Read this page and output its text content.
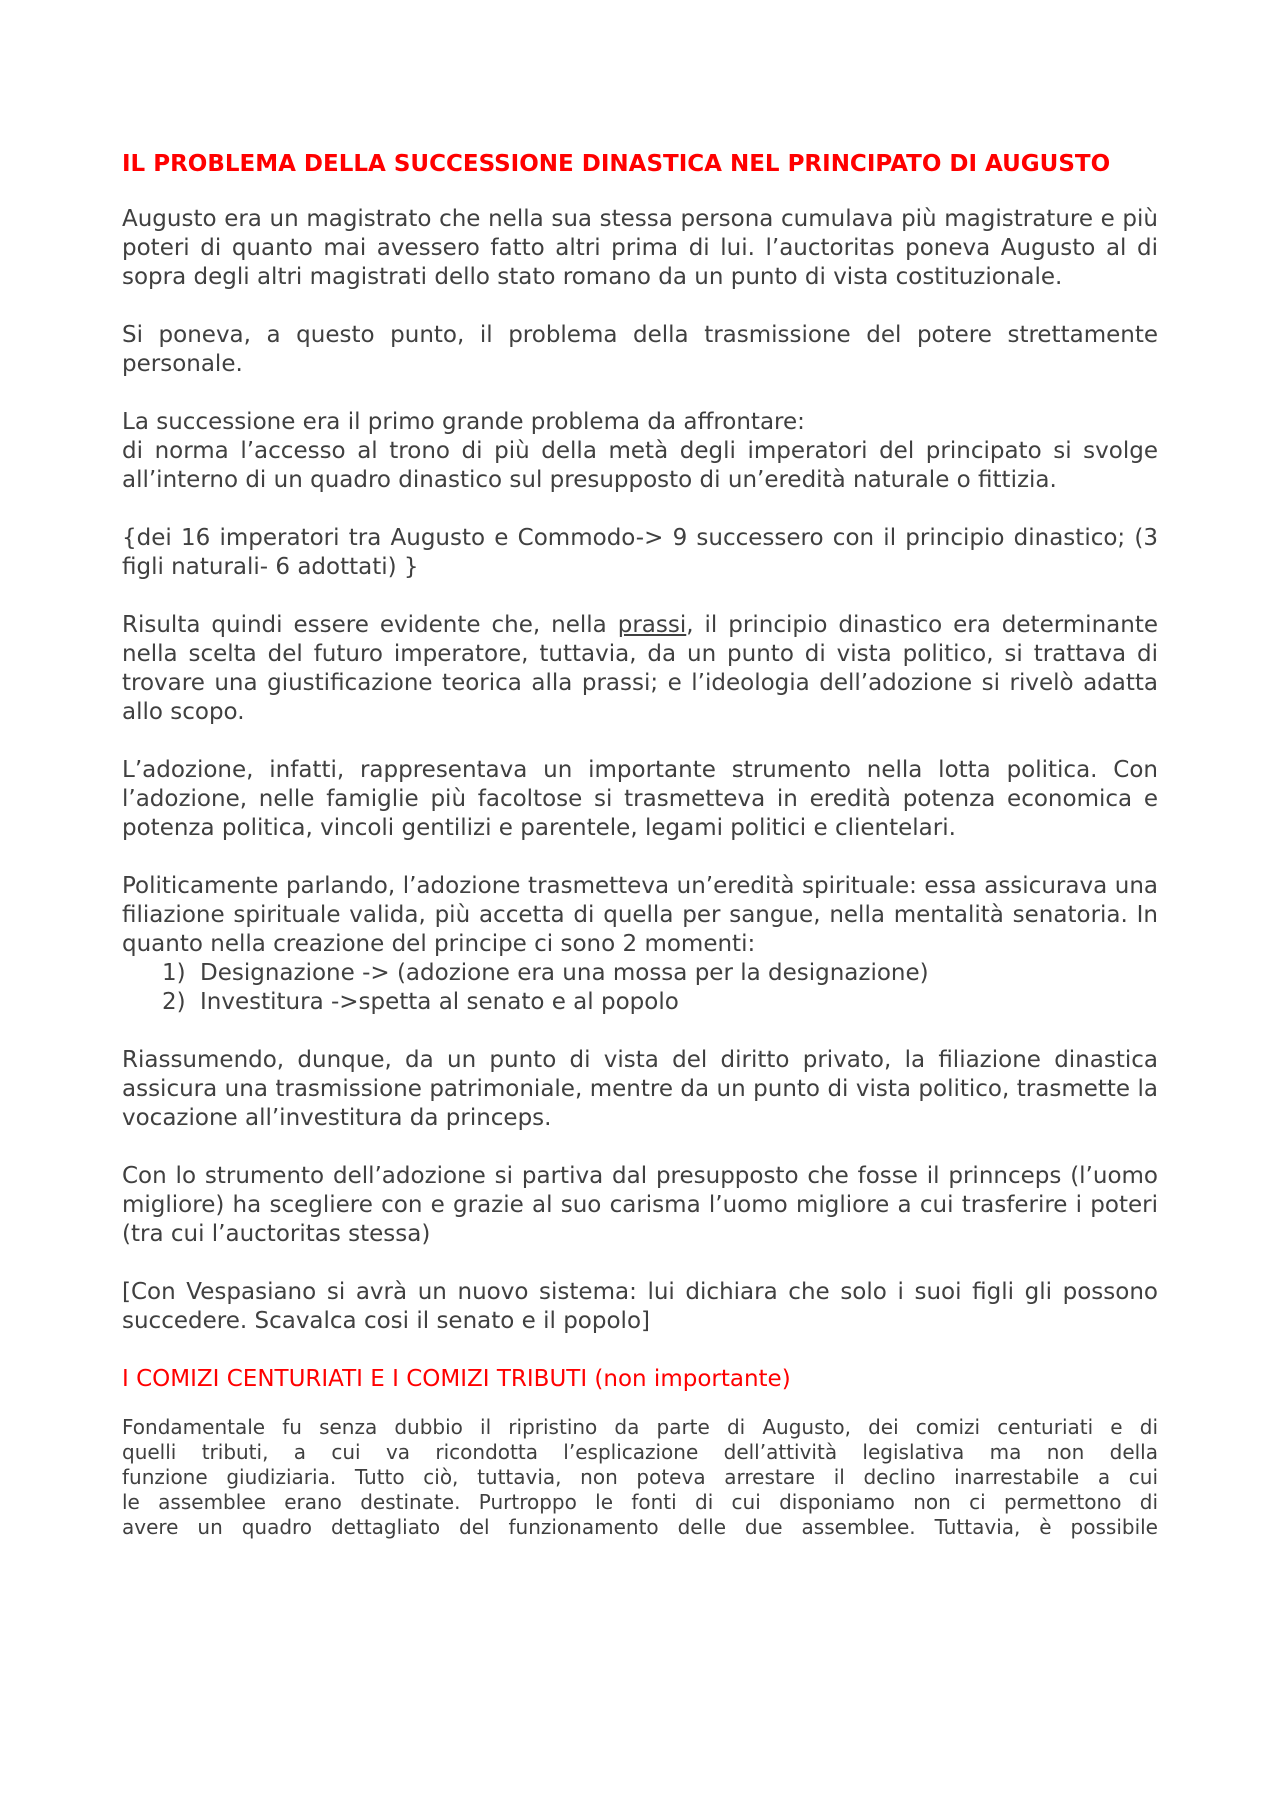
IL PROBLEMA DELLA SUCCESSIONE DINASTICA NEL PRINCIPATO DI AUGUSTO

Augusto era un magistrato che nella sua stessa persona cumulava più magistrature e più poteri di quanto mai avessero fatto altri prima di lui. l’auctoritas poneva Augusto al di sopra degli altri magistrati dello stato romano da un punto di vista costituzionale.

Si poneva, a questo punto, il problema della trasmissione del potere strettamente personale.

La successione era il primo grande problema da affrontare:

di norma l’accesso al trono di più della metà degli imperatori del principato si svolge all’interno di un quadro dinastico sul presupposto di un’eredità naturale o fittizia.

{dei 16 imperatori tra Augusto e Commodo-> 9 successero con il principio dinastico; (3 figli naturali- 6 adottati) }

Risulta quindi essere evidente che, nella prassi, il principio dinastico era determinante nella scelta del futuro imperatore, tuttavia, da un punto di vista politico, si trattava di trovare una giustificazione teorica alla prassi; e l’ideologia dell’adozione si rivelò adatta allo scopo.

L’adozione, infatti, rappresentava un importante strumento nella lotta politica. Con l’adozione, nelle famiglie più facoltose si trasmetteva in eredità potenza economica e potenza politica, vincoli gentilizi e parentele, legami politici e clientelari.

Politicamente parlando, l’adozione trasmetteva un’eredità spirituale: essa assicurava una filiazione spirituale valida, più accetta di quella per sangue, nella mentalità senatoria. In quanto nella creazione del principe ci sono 2 momenti:

1) Designazione -> (adozione era una mossa per la designazione)
2) Investitura ->spetta al senato e al popolo

Riassumendo, dunque, da un punto di vista del diritto privato, la filiazione dinastica assicura una trasmissione patrimoniale, mentre da un punto di vista politico, trasmette la vocazione all’investitura da princeps.

Con lo strumento dell’adozione si partiva dal presupposto che fosse il prinnceps (l’uomo migliore) ha scegliere con e grazie al suo carisma l’uomo migliore a cui trasferire i poteri (tra cui l’auctoritas stessa)

[Con Vespasiano si avrà un nuovo sistema: lui dichiara che solo i suoi figli gli possono succedere. Scavalca cosi il senato e il popolo]

I COMIZI CENTURIATI E I COMIZI TRIBUTI (non importante)

Fondamentale fu senza dubbio il ripristino da parte di Augusto, dei comizi centuriati e di

quelli tributi, a cui va ricondotta l’esplicazione dell’attività legislativa ma non della

funzione giudiziaria. Tutto ciò, tuttavia, non poteva arrestare il declino inarrestabile a cui

le assemblee erano destinate. Purtroppo le fonti di cui disponiamo non ci permettono di

avere un quadro dettagliato del funzionamento delle due assemblee. Tuttavia, è possibile
